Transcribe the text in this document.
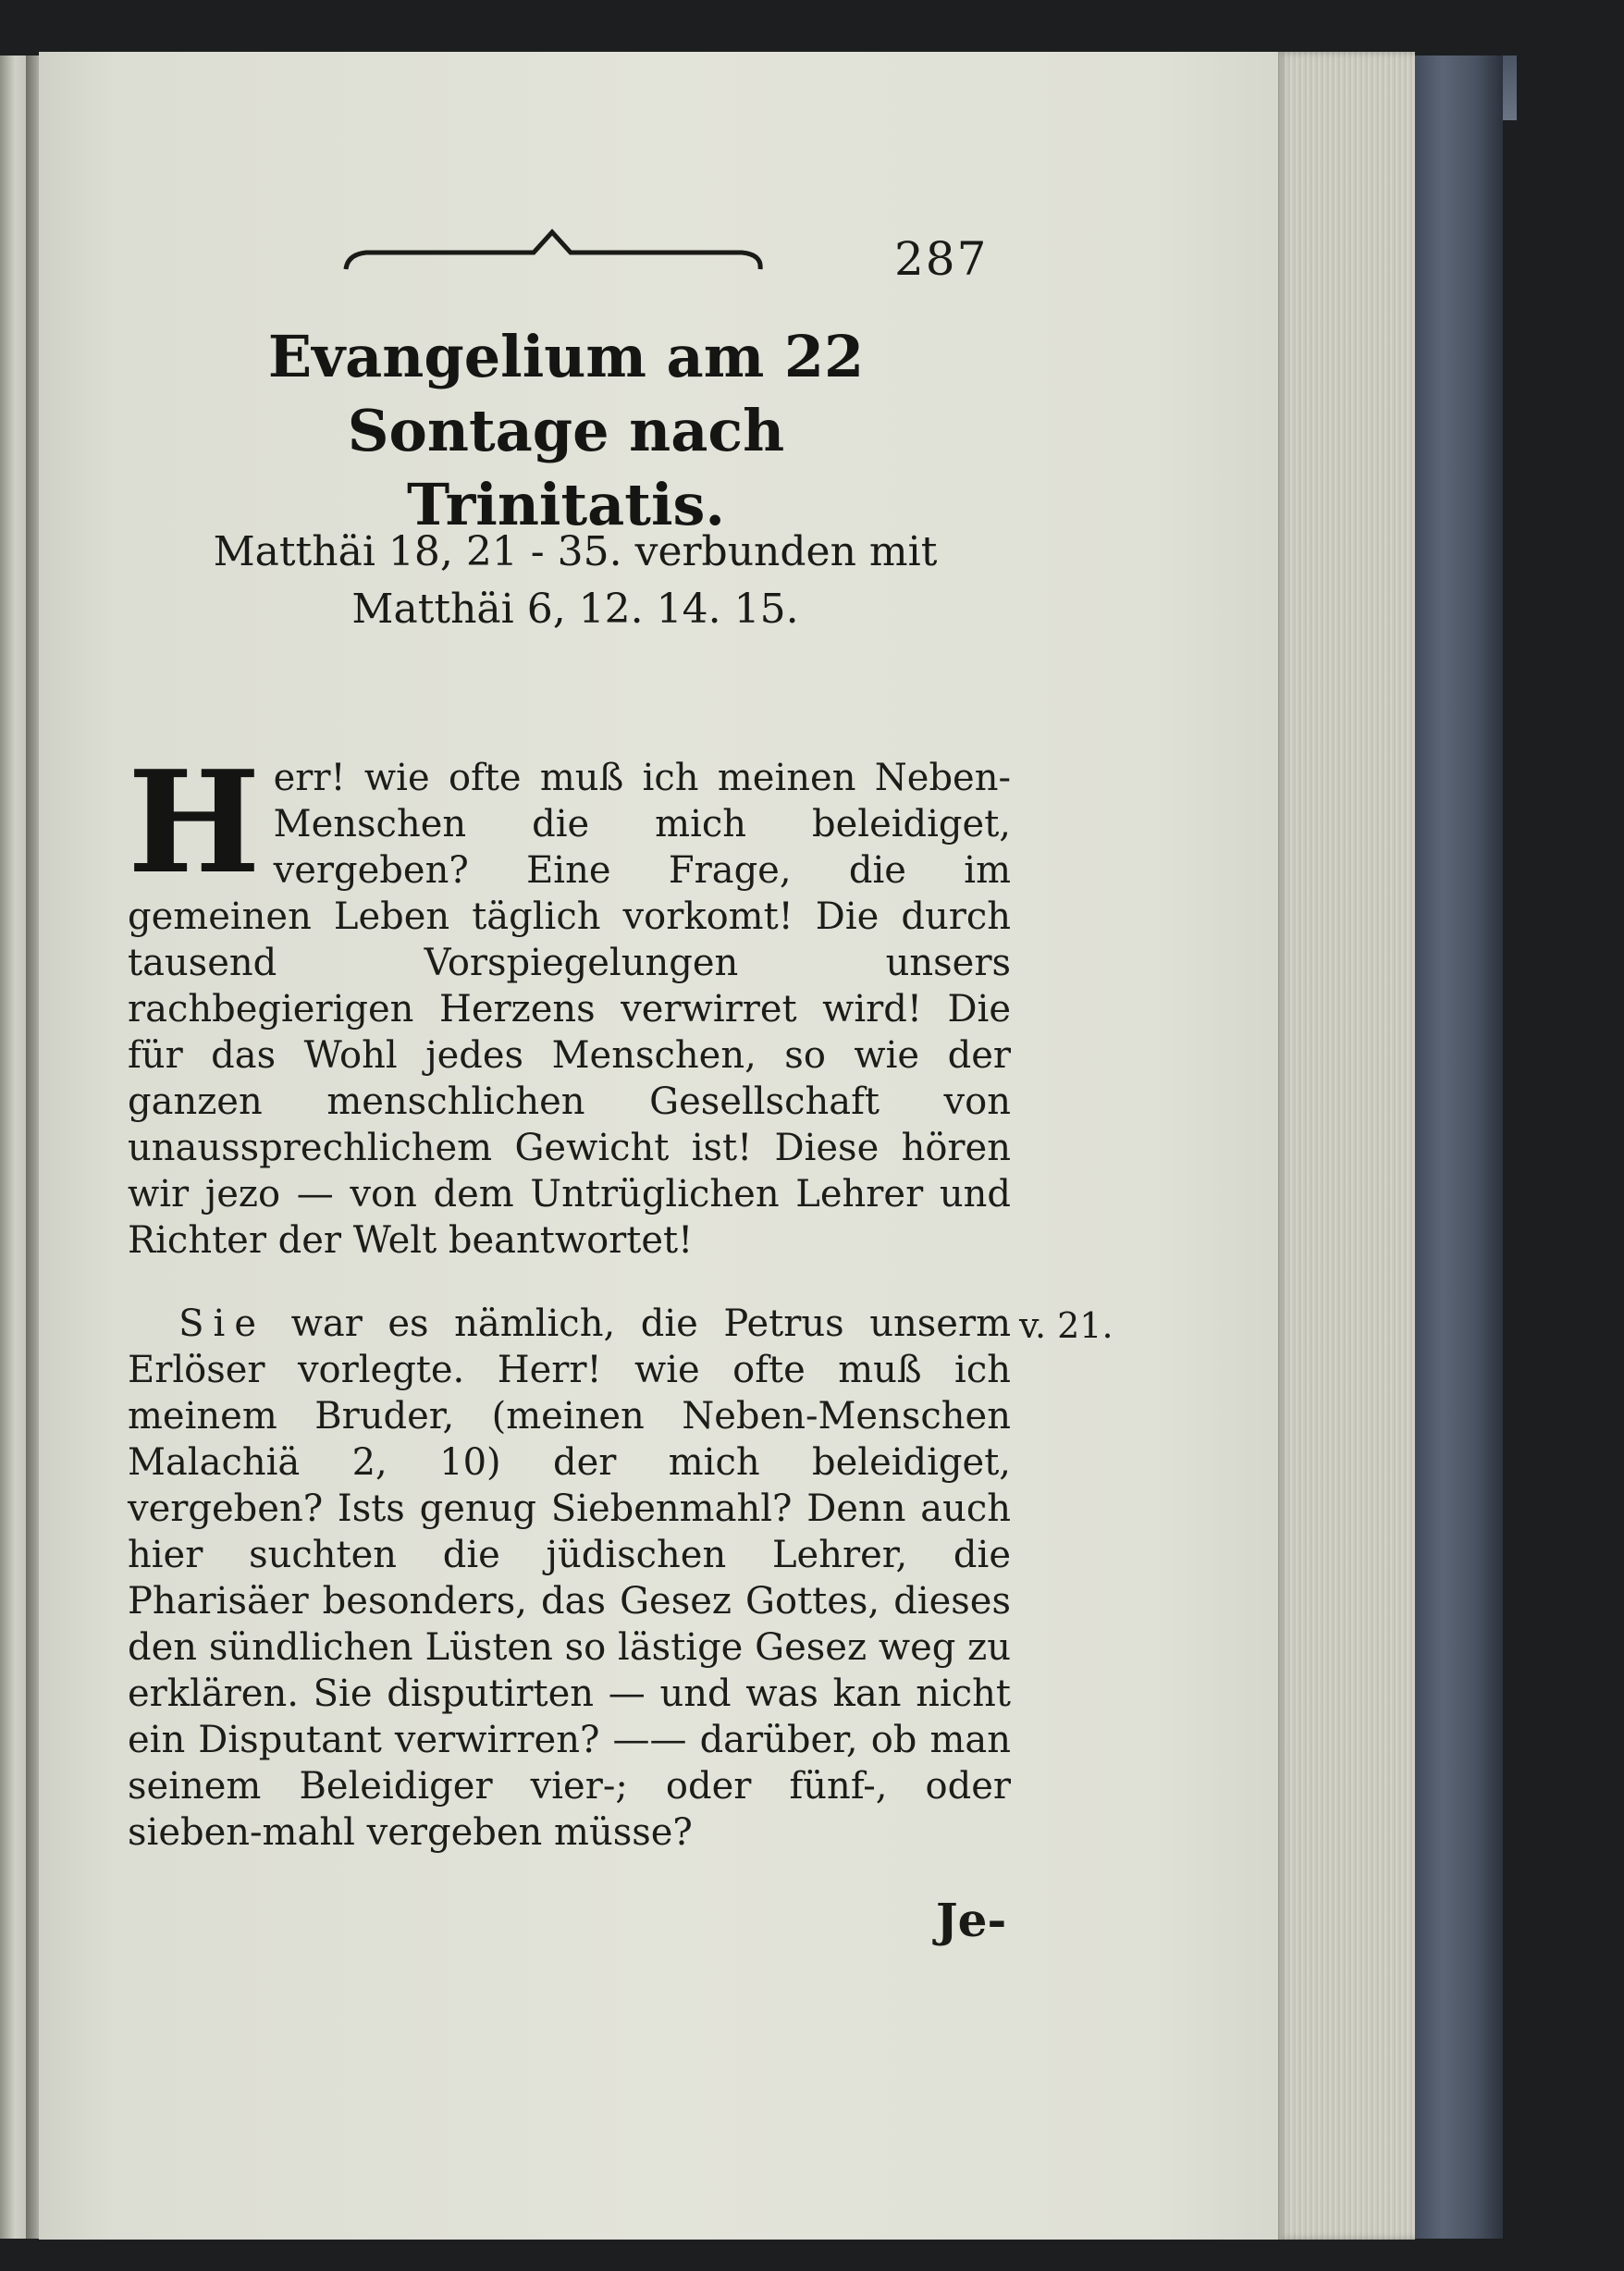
287
Evangelium am 22 Sontage nach
Trinitatis.
Matthäi 18, 21 - 35. verbunden mit
Matthäi 6, 12. 14. 15.
H err! wie ofte muß ich meinen Neben-Menschen die mich beleidiget, vergeben? Eine Frage, die im gemeinen Leben täglich vorkomt! Die durch tausend Vorspiegelungen unsers rachbegierigen Herzens verwirret wird! Die für das Wohl jedes Menschen, so wie der ganzen menschlichen Gesellschaft von unaussprechlichem Gewicht ist! Diese hören wir jezo — von dem Untrüglichen Lehrer und Richter der Welt beantwortet!
Sie war es nämlich, die Petrus unserm Erlöser vorlegte. Herr! wie ofte muß ich meinem Bruder, (meinen Neben-Menschen Malachiä 2, 10) der mich beleidiget, vergeben? Ists genug Siebenmahl? Denn auch hier suchten die jüdischen Lehrer, die Pharisäer besonders, das Gesez Gottes, dieses den sündlichen Lüsten so lästige Gesez weg zu erklären. Sie disputirten — und was kan nicht ein Disputant verwirren? —— darüber, ob man seinem Beleidiger vier-; oder fünf-, oder sieben-mahl vergeben müsse?
v. 21.
Je-
